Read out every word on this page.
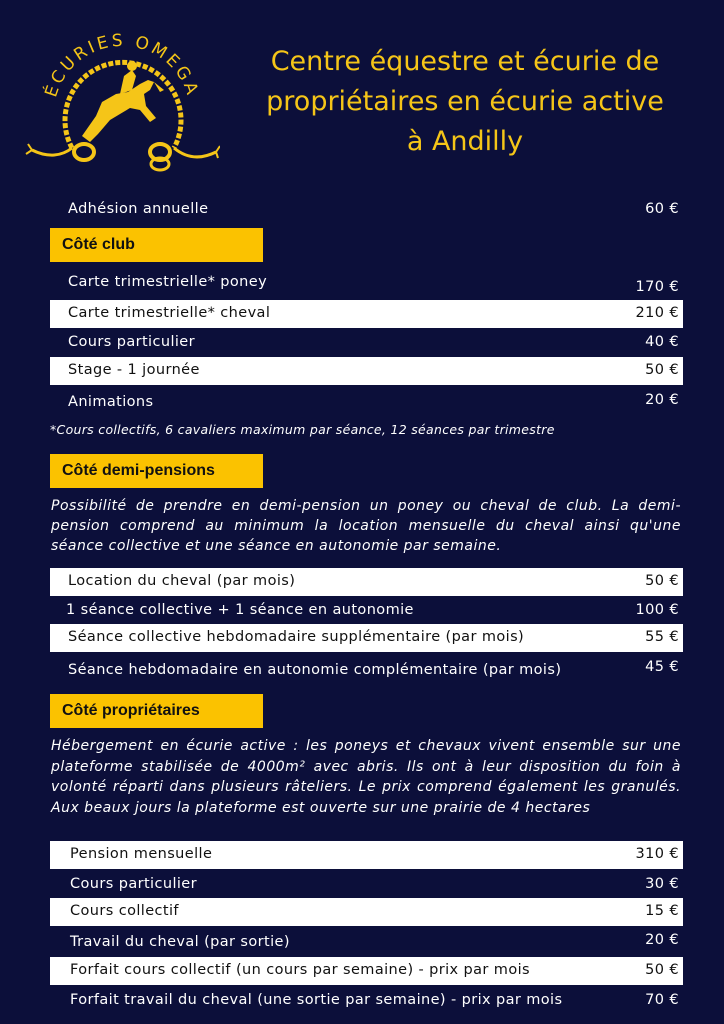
ÉCURIES OMEGA
Centre équestre et écurie de
propriétaires en écurie active
à Andilly
Adhésion annuelle	60 €
Côté club
Carte trimestrielle* poney	170 €
Carte trimestrielle* cheval	210 €
Cours particulier	40 €
Stage - 1 journée	50 €
Animations	20 €
*Cours collectifs, 6 cavaliers maximum par séance, 12 séances par trimestre
Côté demi-pensions
Possibilité de prendre en demi-pension un poney ou cheval de club. La demi-pension comprend au minimum la location mensuelle du cheval ainsi qu'une séance collective et une séance en autonomie par semaine.
Location du cheval (par mois)	50 €
1 séance collective + 1 séance en autonomie	100 €
Séance collective hebdomadaire supplémentaire (par mois)	55 €
Séance hebdomadaire en autonomie complémentaire (par mois)	45 €
Côté propriétaires
Hébergement en écurie active : les poneys et chevaux vivent ensemble sur une plateforme stabilisée de 4000m² avec abris. Ils ont à leur disposition du foin à volonté réparti dans plusieurs râteliers. Le prix comprend également les granulés. Aux beaux jours la plateforme est ouverte sur une prairie de 4 hectares
Pension mensuelle	310 €
Cours particulier	30 €
Cours collectif	15 €
Travail du cheval (par sortie)	20 €
Forfait cours collectif (un cours par semaine) - prix par mois	50 €
Forfait travail du cheval (une sortie par semaine) - prix par mois	70 €
